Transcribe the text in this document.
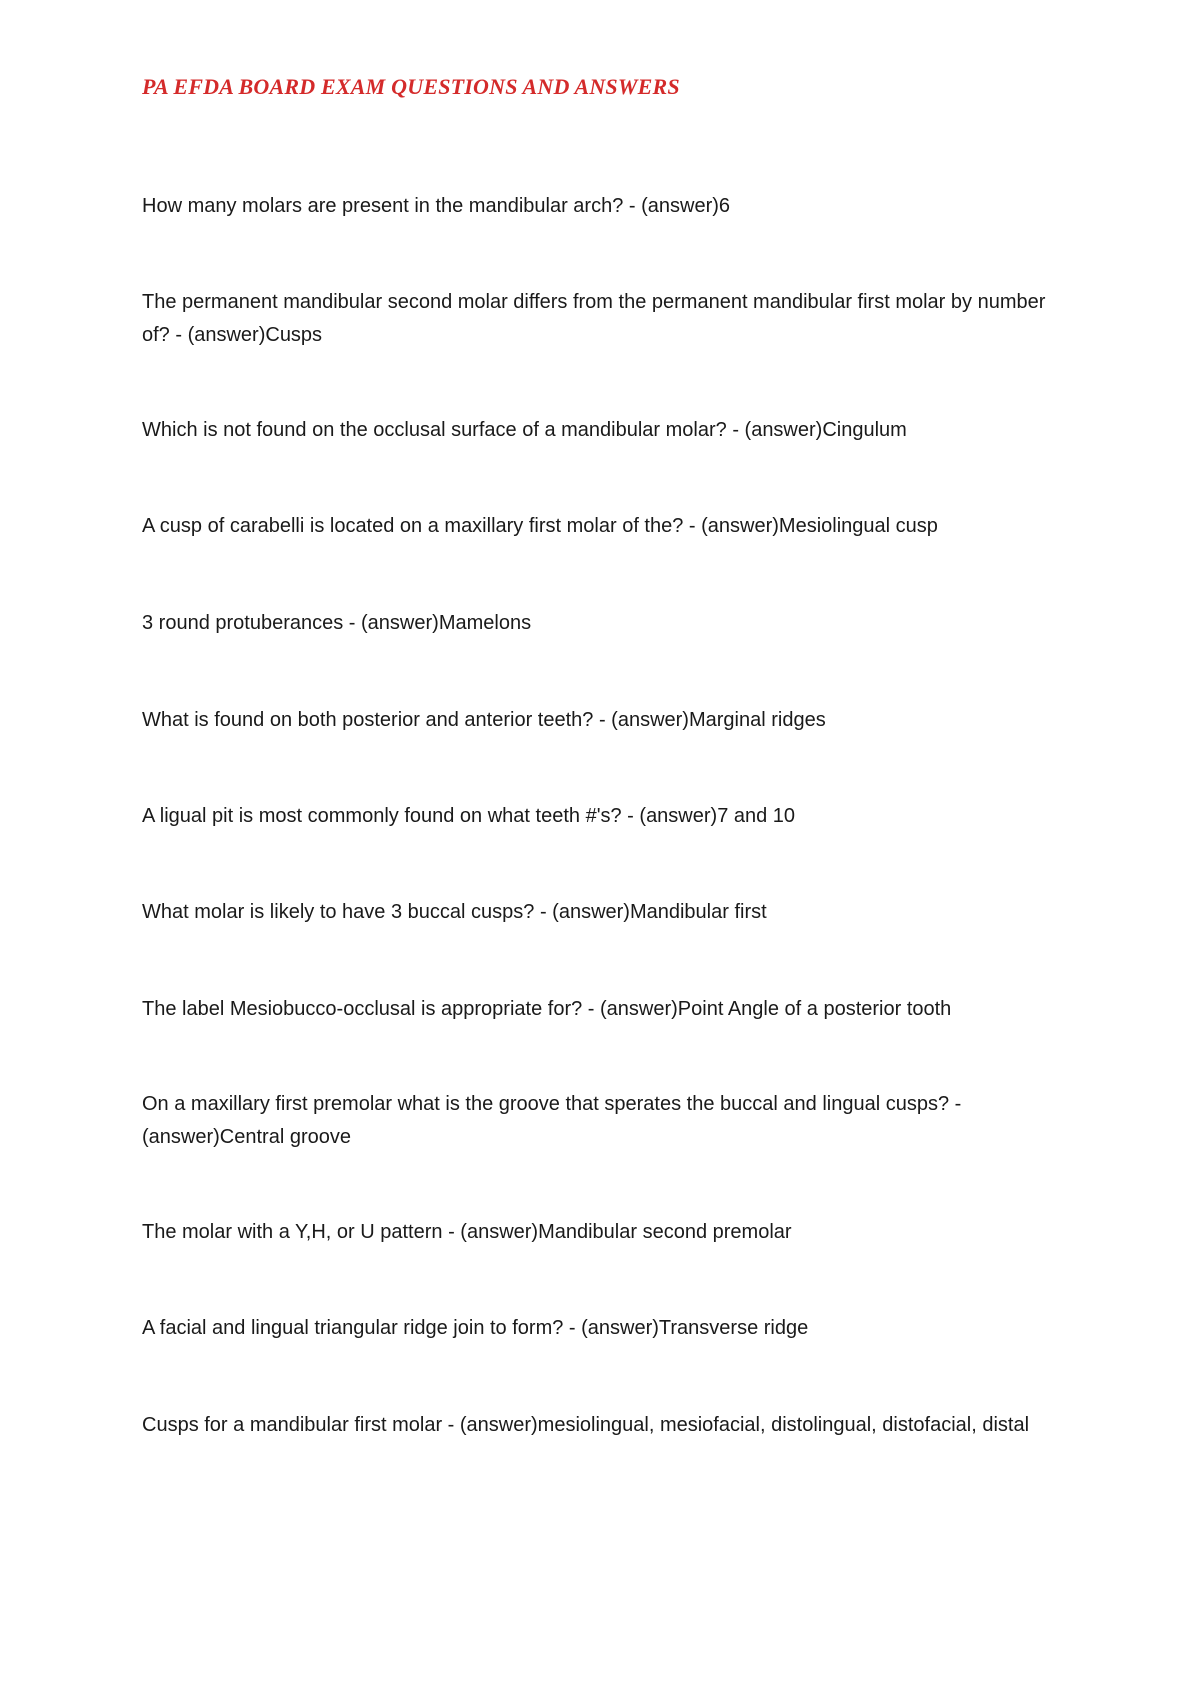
PA EFDA BOARD EXAM QUESTIONS AND ANSWERS
How many molars are present in the mandibular arch? - (answer)6
The permanent mandibular second molar differs from the permanent mandibular first molar by number of? - (answer)Cusps
Which is not found on the occlusal surface of a mandibular molar? - (answer)Cingulum
A cusp of carabelli is located on a maxillary first molar of the? - (answer)Mesiolingual cusp
3 round protuberances - (answer)Mamelons
What is found on both posterior and anterior teeth? - (answer)Marginal ridges
A ligual pit is most commonly found on what teeth #'s? - (answer)7 and 10
What molar is likely to have 3 buccal cusps? - (answer)Mandibular first
The label Mesiobucco-occlusal is appropriate for? - (answer)Point Angle of a posterior tooth
On a maxillary first premolar what is the groove that sperates the buccal and lingual cusps? - (answer)Central groove
The molar with a Y,H, or U pattern - (answer)Mandibular second premolar
A facial and lingual triangular ridge join to form? - (answer)Transverse ridge
Cusps for a mandibular first molar - (answer)mesiolingual, mesiofacial, distolingual, distofacial, distal
